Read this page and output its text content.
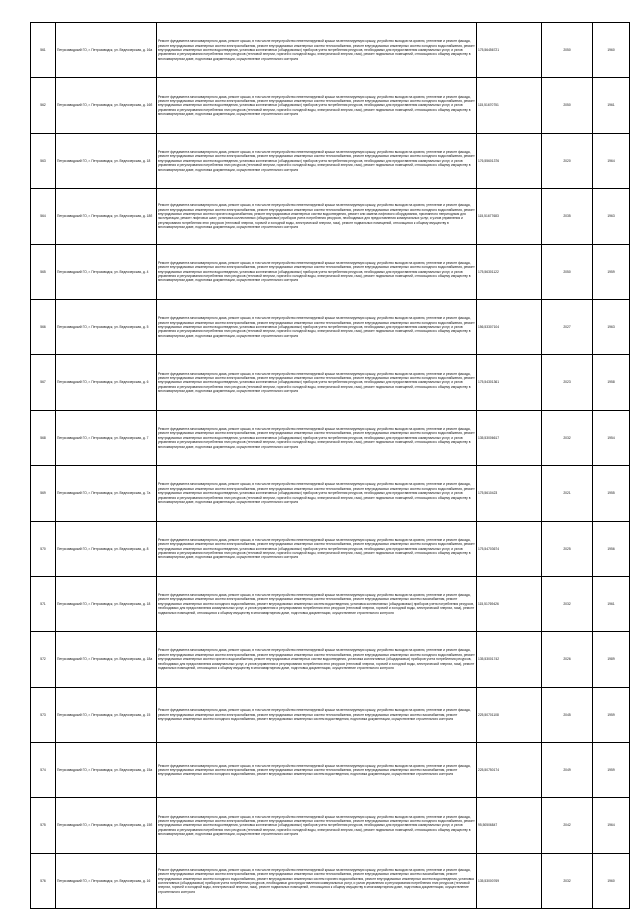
561	Петрозаводский ГО, г. Петрозаводск, ул. Ведлозерская, д. 16а	Ремонт фундамента многоквартирного дома, ремонт крыши, в том числе переустройство невентилируемой крыши на вентилируемую крышу, устройство выходов на кровлю, утепление и ремонт фасада, ремонт внутридомовых инженерных систем электроснабжения, ремонт внутридомовых инженерных систем теплоснабжения, ремонт внутридомовых инженерных систем холодного водоснабжения, ремонт внутридомовых инженерных систем водоотведения, установка коллективных (общедомовых) приборов учета потребления ресурсов, необходимых для предоставления коммунальных услуг, и узлов управления и регулирования потребления этих ресурсов (тепловой энергии, горячей и холодной воды, электрической энергии, газа), ремонт подвальных помещений, относящихся к общему имуществу в многоквартирном доме, подготовка документации, осуществление строительного контроля	175,56456721	2050	1960
562	Петрозаводский ГО, г. Петрозаводск, ул. Ведлозерская, д. 16б	Ремонт фундамента многоквартирного дома, ремонт крыши, в том числе переустройство невентилируемой крыши на вентилируемую крышу, устройство выходов на кровлю, утепление и ремонт фасада, ремонт внутридомовых инженерных систем электроснабжения, ремонт внутридомовых инженерных систем теплоснабжения, ремонт внутридомовых инженерных систем холодного водоснабжения, ремонт внутридомовых инженерных систем водоотведения, установка коллективных (общедомовых) приборов учета потребления ресурсов, необходимых для предоставления коммунальных услуг, и узлов управления и регулирования потребления этих ресурсов (тепловой энергии, горячей и холодной воды, электрической энергии, газа), ремонт подвальных помещений, относящихся к общему имуществу в многоквартирном доме, подготовка документации, осуществление строительного контроля	115,51670751	2050	1961
563	Петрозаводский ГО, г. Петрозаводск, ул. Ведлозерская, д. 18	Ремонт фундамента многоквартирного дома, ремонт крыши, в том числе переустройство невентилируемой крыши на вентилируемую крышу, устройство выходов на кровлю, утепление и ремонт фасада, ремонт внутридомовых инженерных систем электроснабжения, ремонт внутридомовых инженерных систем теплоснабжения, ремонт внутридомовых инженерных систем холодного водоснабжения, ремонт внутридомовых инженерных систем водоотведения, установка коллективных (общедомовых) приборов учета потребления ресурсов, необходимых для предоставления коммунальных услуг, и узлов управления и регулирования потребления этих ресурсов (тепловой энергии, горячей и холодной воды, электрической энергии, газа), ремонт подвальных помещений, относящихся к общему имуществу в многоквартирном доме, подготовка документации, осуществление строительного контроля	176,55601376	2020	1964
564	Петрозаводский ГО, г. Петрозаводск, ул. Ведлозерская, д. 18б	Ремонт фундамента многоквартирного дома, ремонт крыши, в том числе переустройство невентилируемой крыши на вентилируемую крышу, устройство выходов на кровлю, утепление и ремонт фасада, ремонт внутридомовых инженерных систем электроснабжения, ремонт внутридомовых инженерных систем теплоснабжения, ремонт внутридомовых инженерных систем холодного водоснабжения, ремонт внутридомовых инженерных систем горячего водоснабжения, ремонт внутридомовых инженерных систем водоотведения, ремонт или замена лифтового оборудования, признанного непригодным для эксплуатации, ремонт лифтовых шахт, установка коллективных (общедомовых) приборов учета потребления ресурсов, необходимых для предоставления коммунальных услуг, и узлов управления и регулирования потребления этих ресурсов (тепловой энергии, горячей и холодной воды, электрической энергии, газа), ремонт подвальных помещений, относящихся к общему имуществу в многоквартирном доме, подготовка документации, осуществление строительного контроля	115,51677683	2035	1963
565	Петрозаводский ГО, г. Петрозаводск, ул. Ведлозерская, д. 4	Ремонт фундамента многоквартирного дома, ремонт крыши, в том числе переустройство невентилируемой крыши на вентилируемую крышу, устройство выходов на кровлю, утепление и ремонт фасада, ремонт внутридомовых инженерных систем электроснабжения, ремонт внутридомовых инженерных систем теплоснабжения, ремонт внутридомовых инженерных систем холодного водоснабжения, ремонт внутридомовых инженерных систем водоотведения, установка коллективных (общедомовых) приборов учета потребления ресурсов, необходимых для предоставления коммунальных услуг, и узлов управления и регулирования потребления этих ресурсов (тепловой энергии, горячей и холодной воды, электрической энергии, газа), ремонт подвальных помещений, относящихся к общему имуществу в многоквартирном доме, подготовка документации, осуществление строительного контроля	175,56301122	2050	1959
566	Петрозаводский ГО, г. Петрозаводск, ул. Ведлозерская, д. 5	Ремонт фундамента многоквартирного дома, ремонт крыши, в том числе переустройство невентилируемой крыши на вентилируемую крышу, устройство выходов на кровлю, утепление и ремонт фасада, ремонт внутридомовых инженерных систем электроснабжения, ремонт внутридомовых инженерных систем теплоснабжения, ремонт внутридомовых инженерных систем холодного водоснабжения, ремонт внутридомовых инженерных систем водоотведения, установка коллективных (общедомовых) приборов учета потребления ресурсов, необходимых для предоставления коммунальных услуг, и узлов управления и регулирования потребления этих ресурсов (тепловой энергии, горячей и холодной воды, электрической энергии, газа), ремонт подвальных помещений, относящихся к общему имуществу в многоквартирном доме, подготовка документации, осуществление строительного контроля	156,53307104	2027	1963
567	Петрозаводский ГО, г. Петрозаводск, ул. Ведлозерская, д. 6	Ремонт фундамента многоквартирного дома, ремонт крыши, в том числе переустройство невентилируемой крыши на вентилируемую крышу, устройство выходов на кровлю, утепление и ремонт фасада, ремонт внутридомовых инженерных систем электроснабжения, ремонт внутридомовых инженерных систем теплоснабжения, ремонт внутридомовых инженерных систем холодного водоснабжения, ремонт внутридомовых инженерных систем водоотведения, установка коллективных (общедомовых) приборов учета потребления ресурсов, необходимых для предоставления коммунальных услуг, и узлов управления и регулирования потребления этих ресурсов (тепловой энергии, горячей и холодной воды, электрической энергии, газа), ремонт подвальных помещений, относящихся к общему имуществу в многоквартирном доме, подготовка документации, осуществление строительного контроля	175,54301361	2023	1958
568	Петрозаводский ГО, г. Петрозаводск, ул. Ведлозерская, д. 7	Ремонт фундамента многоквартирного дома, ремонт крыши, в том числе переустройство невентилируемой крыши на вентилируемую крышу, устройство выходов на кровлю, утепление и ремонт фасада, ремонт внутридомовых инженерных систем электроснабжения, ремонт внутридомовых инженерных систем теплоснабжения, ремонт внутридомовых инженерных систем холодного водоснабжения, ремонт внутридомовых инженерных систем водоотведения, установка коллективных (общедомовых) приборов учета потребления ресурсов, необходимых для предоставления коммунальных услуг, и узлов управления и регулирования потребления этих ресурсов (тепловой энергии, горячей и холодной воды, электрической энергии, газа), ремонт подвальных помещений, относящихся к общему имуществу в многоквартирном доме, подготовка документации, осуществление строительного контроля	135,53006617	2032	1954
569	Петрозаводский ГО, г. Петрозаводск, ул. Ведлозерская, д. 7а	Ремонт фундамента многоквартирного дома, ремонт крыши, в том числе переустройство невентилируемой крыши на вентилируемую крышу, устройство выходов на кровлю, утепление и ремонт фасада, ремонт внутридомовых инженерных систем электроснабжения, ремонт внутридомовых инженерных систем теплоснабжения, ремонт внутридомовых инженерных систем холодного водоснабжения, ремонт внутридомовых инженерных систем водоотведения, установка коллективных (общедомовых) приборов учета потребления ресурсов, необходимых для предоставления коммунальных услуг, и узлов управления и регулирования потребления этих ресурсов (тепловой энергии, горячей и холодной воды, электрической энергии, газа), ремонт подвальных помещений, относящихся к общему имуществу в многоквартирном доме, подготовка документации, осуществление строительного контроля	175,5610423	2021	1955
570	Петрозаводский ГО, г. Петрозаводск, ул. Ведлозерская, д. 8	Ремонт фундамента многоквартирного дома, ремонт крыши, в том числе переустройство невентилируемой крыши на вентилируемую крышу, устройство выходов на кровлю, утепление и ремонт фасада, ремонт внутридомовых инженерных систем электроснабжения, ремонт внутридомовых инженерных систем теплоснабжения, ремонт внутридомовых инженерных систем холодного водоснабжения, ремонт внутридомовых инженерных систем водоотведения, установка коллективных (общедомовых) приборов учета потребления ресурсов, необходимых для предоставления коммунальных услуг, и узлов управления и регулирования потребления этих ресурсов (тепловой энергии, горячей и холодной воды, электрической энергии, газа), ремонт подвальных помещений, относящихся к общему имуществу в многоквартирном доме, подготовка документации, осуществление строительного контроля	175,54703674	2025	1956
571	Петрозаводский ГО, г. Петрозаводск, ул. Ведлозерская, д. 18	Ремонт фундамента многоквартирного дома, ремонт крыши, в том числе переустройство невентилируемой крыши на вентилируемую крышу, устройство выходов на кровлю, утепление и ремонт фасада, ремонт внутридомовых инженерных систем электроснабжения, ремонт внутридомовых инженерных систем теплоснабжения, ремонт внутридомовых инженерных систем газоснабжения, ремонт внутридомовых инженерных систем холодного водоснабжения, ремонт внутридомовых инженерных систем водоотведения, установка коллективных (общедомовых) приборов учета потребления ресурсов, необходимых для предоставления коммунальных услуг, и узлов управления и регулирования потребления этих ресурсов (тепловой энергии, горячей и холодной воды, электрической энергии, газа), ремонт подвальных помещений, относящихся к общему имуществу в многоквартирном доме, подготовка документации, осуществление строительного контроля	115,51769426	2032	1961
572	Петрозаводский ГО, г. Петрозаводск, ул. Ведлозерская, д. 18а	Ремонт фундамента многоквартирного дома, ремонт крыши, в том числе переустройство невентилируемой крыши на вентилируемую крышу, устройство выходов на кровлю, утепление и ремонт фасада, ремонт внутридомовых инженерных систем электроснабжения, ремонт внутридомовых инженерных систем теплоснабжения, ремонт внутридомовых инженерных систем холодного водоснабжения, ремонт внутридомовых инженерных систем горячего водоснабжения, ремонт внутридомовых инженерных систем водоотведения, установка коллективных (общедомовых) приборов учета потребления ресурсов, необходимых для предоставления коммунальных услуг, и узлов управления и регулирования потребления этих ресурсов (тепловой энергии, горячей и холодной воды, электрической энергии, газа), ремонт подвальных помещений, относящихся к общему имуществу в многоквартирном доме, подготовка документации, осуществление строительного контроля	135,53001742	2026	1989
573	Петрозаводский ГО, г. Петрозаводск, ул. Ведлозерская, д. 15	Ремонт фундамента многоквартирного дома, ремонт крыши, в том числе переустройство невентилируемой крыши на вентилируемую крышу, устройство выходов на кровлю, утепление и ремонт фасада, ремонт внутридомовых инженерных систем электроснабжения, ремонт внутридомовых инженерных систем теплоснабжения, ремонт внутридомовых инженерных систем газоснабжения, ремонт внутридомовых инженерных систем холодного водоснабжения, ремонт внутридомовых инженерных систем водоотведения, подготовка документации, осуществление строительного контроля	225,50701108	2045	1959
574	Петрозаводский ГО, г. Петрозаводск, ул. Ведлозерская, д. 15а	Ремонт фундамента многоквартирного дома, ремонт крыши, в том числе переустройство невентилируемой крыши на вентилируемую крышу, устройство выходов на кровлю, утепление и ремонт фасада, ремонт внутридомовых инженерных систем электроснабжения, ремонт внутридомовых инженерных систем теплоснабжения, ремонт внутридомовых инженерных систем газоснабжения, ремонт внутридомовых инженерных систем холодного водоснабжения, ремонт внутридомовых инженерных систем водоотведения, подготовка документации, осуществление строительного контроля	225,50750174	2049	1959
575	Петрозаводский ГО, г. Петрозаводск, ул. Ведлозерская, д. 15б	Ремонт фундамента многоквартирного дома, ремонт крыши, в том числе переустройство невентилируемой крыши на вентилируемую крышу, устройство выходов на кровлю, утепление и ремонт фасада, ремонт внутридомовых инженерных систем электроснабжения, ремонт внутридомовых инженерных систем теплоснабжения, ремонт внутридомовых инженерных систем холодного водоснабжения, ремонт внутридомовых инженерных систем водоотведения, установка коллективных (общедомовых) приборов учета потребления ресурсов, необходимых для предоставления коммунальных услуг, и узлов управления и регулирования потребления этих ресурсов (тепловой энергии, горячей и холодной воды, электрической энергии, газа), ремонт подвальных помещений, относящихся к общему имуществу в многоквартирном доме, подготовка документации, осуществление строительного контроля	95,50506847	2042	1964
576	Петрозаводский ГО, г. Петрозаводск, ул. Ведлозерская, д. 16	Ремонт фундамента многоквартирного дома, ремонт крыши, в том числе переустройство невентилируемой крыши на вентилируемую крышу, устройство выходов на кровлю, утепление и ремонт фасада, ремонт внутридомовых инженерных систем электроснабжения, ремонт внутридомовых инженерных систем теплоснабжения, ремонт внутридомовых инженерных систем газоснабжения, ремонт внутридомовых инженерных систем холодного водоснабжения, ремонт внутридомовых инженерных систем горячего водоснабжения, ремонт внутридомовых инженерных систем водоотведения, установка коллективных (общедомовых) приборов учета потребления ресурсов, необходимых для предоставления коммунальных услуг, и узлов управления и регулирования потребления этих ресурсов (тепловой энергии, горячей и холодной воды, электрической энергии, газа), ремонт подвальных помещений, относящихся к общему имуществу в многоквартирном доме, подготовка документации, осуществление строительного контроля	135,53000769	2032	1960
